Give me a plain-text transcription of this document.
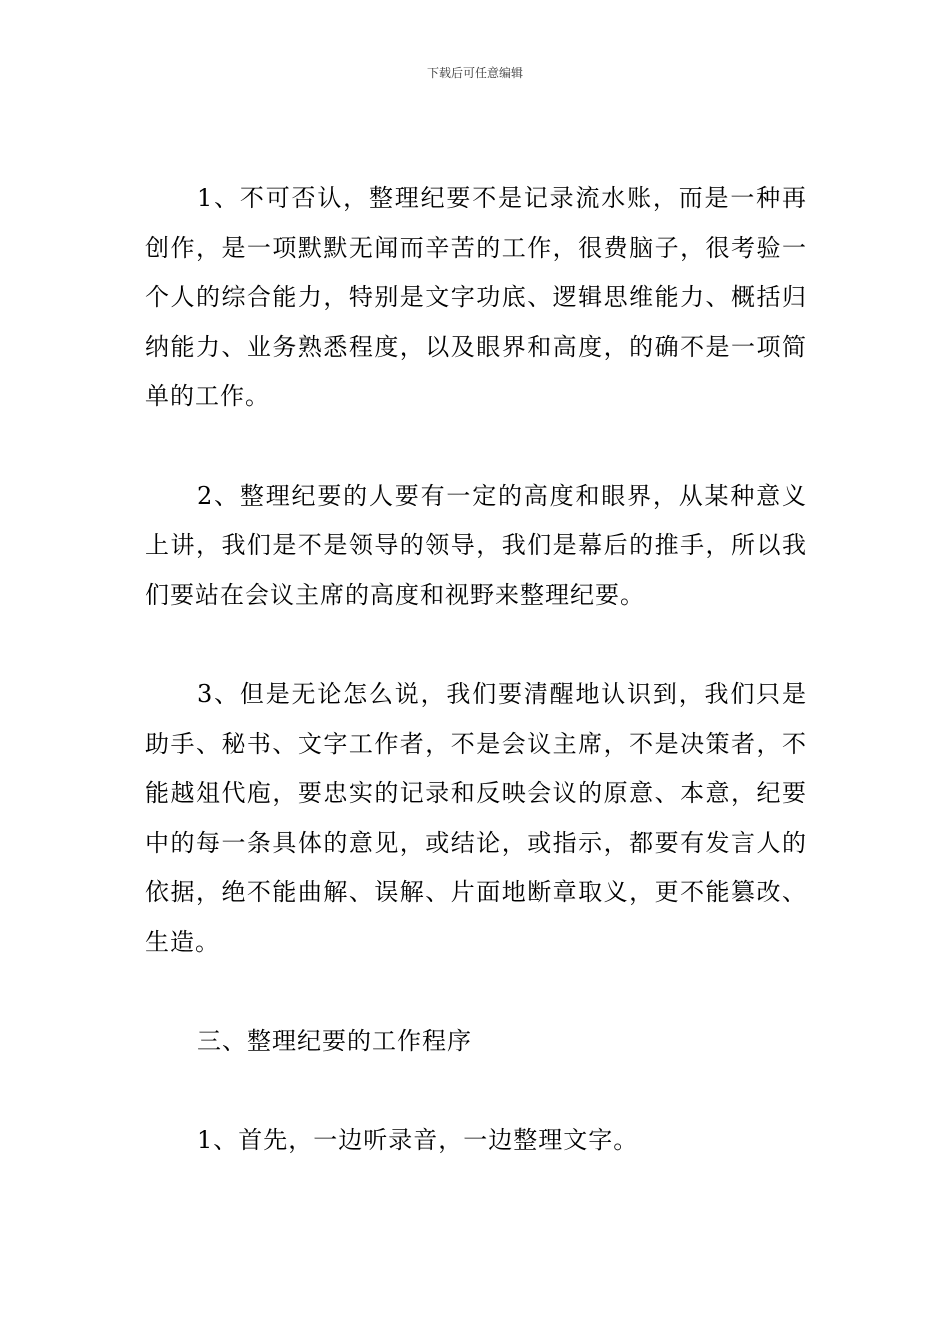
下载后可任意编辑

1、不可否认，整理纪要不是记录流水账，而是一种再创作，是一项默默无闻而辛苦的工作，很费脑子，很考验一个人的综合能力，特别是文字功底、逻辑思维能力、概括归纳能力、业务熟悉程度，以及眼界和高度，的确不是一项简单的工作。

2、整理纪要的人要有一定的高度和眼界，从某种意义上讲，我们是不是领导的领导，我们是幕后的推手，所以我们要站在会议主席的高度和视野来整理纪要。

3、但是无论怎么说，我们要清醒地认识到，我们只是助手、秘书、文字工作者，不是会议主席，不是决策者，不能越俎代庖，要忠实的记录和反映会议的原意、本意，纪要中的每一条具体的意见，或结论，或指示，都要有发言人的依据，绝不能曲解、误解、片面地断章取义，更不能篡改、生造。

三、整理纪要的工作程序

1、首先，一边听录音，一边整理文字。
